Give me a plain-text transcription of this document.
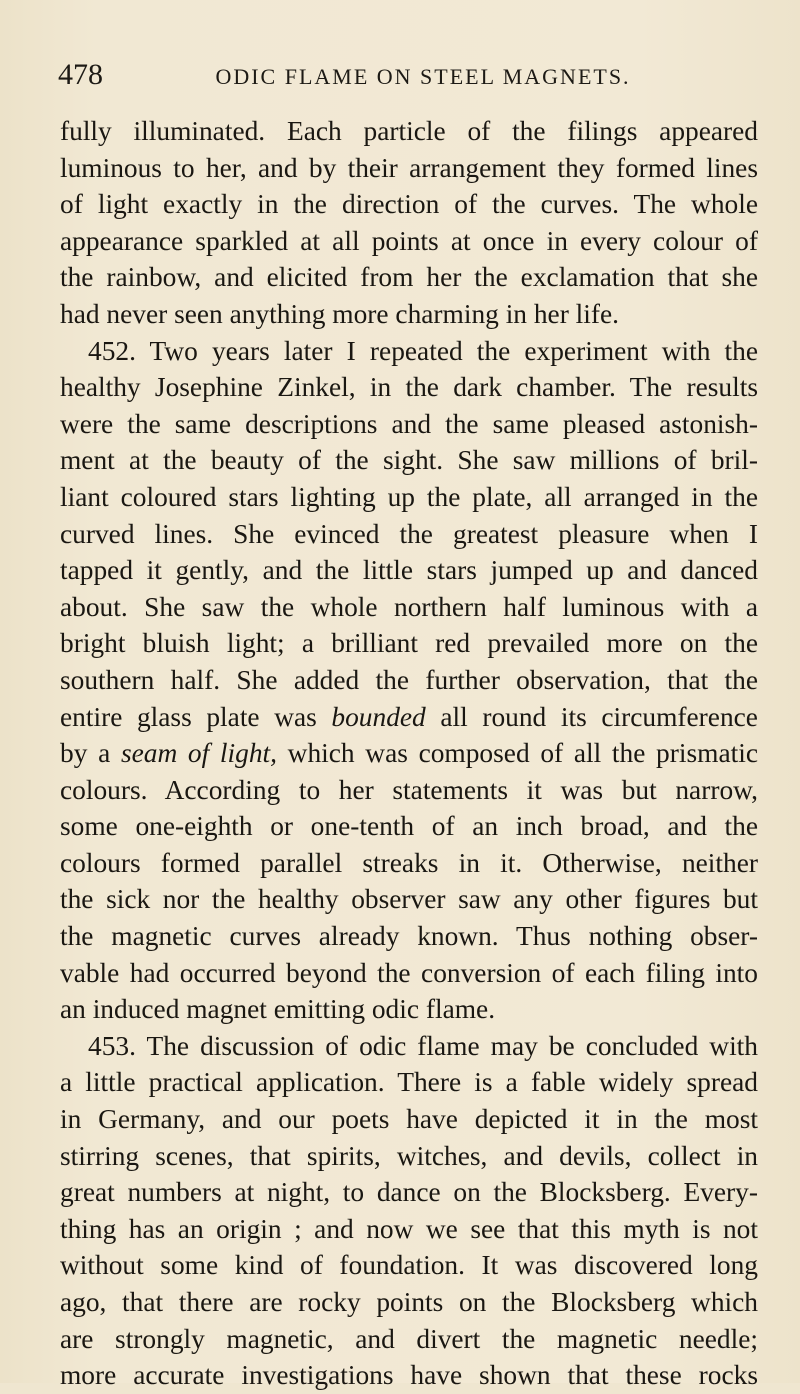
478	ODIC FLAME ON STEEL MAGNETS.
fully illuminated. Each particle of the filings appeared
luminous to her, and by their arrangement they formed lines
of light exactly in the direction of the curves. The whole
appearance sparkled at all points at once in every colour of
the rainbow, and elicited from her the exclamation that she
had never seen anything more charming in her life.
452. Two years later I repeated the experiment with the
healthy Josephine Zinkel, in the dark chamber. The results
were the same descriptions and the same pleased astonish-
ment at the beauty of the sight. She saw millions of bril-
liant coloured stars lighting up the plate, all arranged in the
curved lines. She evinced the greatest pleasure when I
tapped it gently, and the little stars jumped up and danced
about. She saw the whole northern half luminous with a
bright bluish light; a brilliant red prevailed more on the
southern half. She added the further observation, that the
entire glass plate was bounded all round its circumference
by a seam of light, which was composed of all the prismatic
colours. According to her statements it was but narrow,
some one-eighth or one-tenth of an inch broad, and the
colours formed parallel streaks in it. Otherwise, neither
the sick nor the healthy observer saw any other figures but
the magnetic curves already known. Thus nothing obser-
vable had occurred beyond the conversion of each filing into
an induced magnet emitting odic flame.
453. The discussion of odic flame may be concluded with
a little practical application. There is a fable widely spread
in Germany, and our poets have depicted it in the most
stirring scenes, that spirits, witches, and devils, collect in
great numbers at night, to dance on the Blocksberg. Every-
thing has an origin ; and now we see that this myth is not
without some kind of foundation. It was discovered long
ago, that there are rocky points on the Blocksberg which
are strongly magnetic, and divert the magnetic needle;
more accurate investigations have shown that these rocks
